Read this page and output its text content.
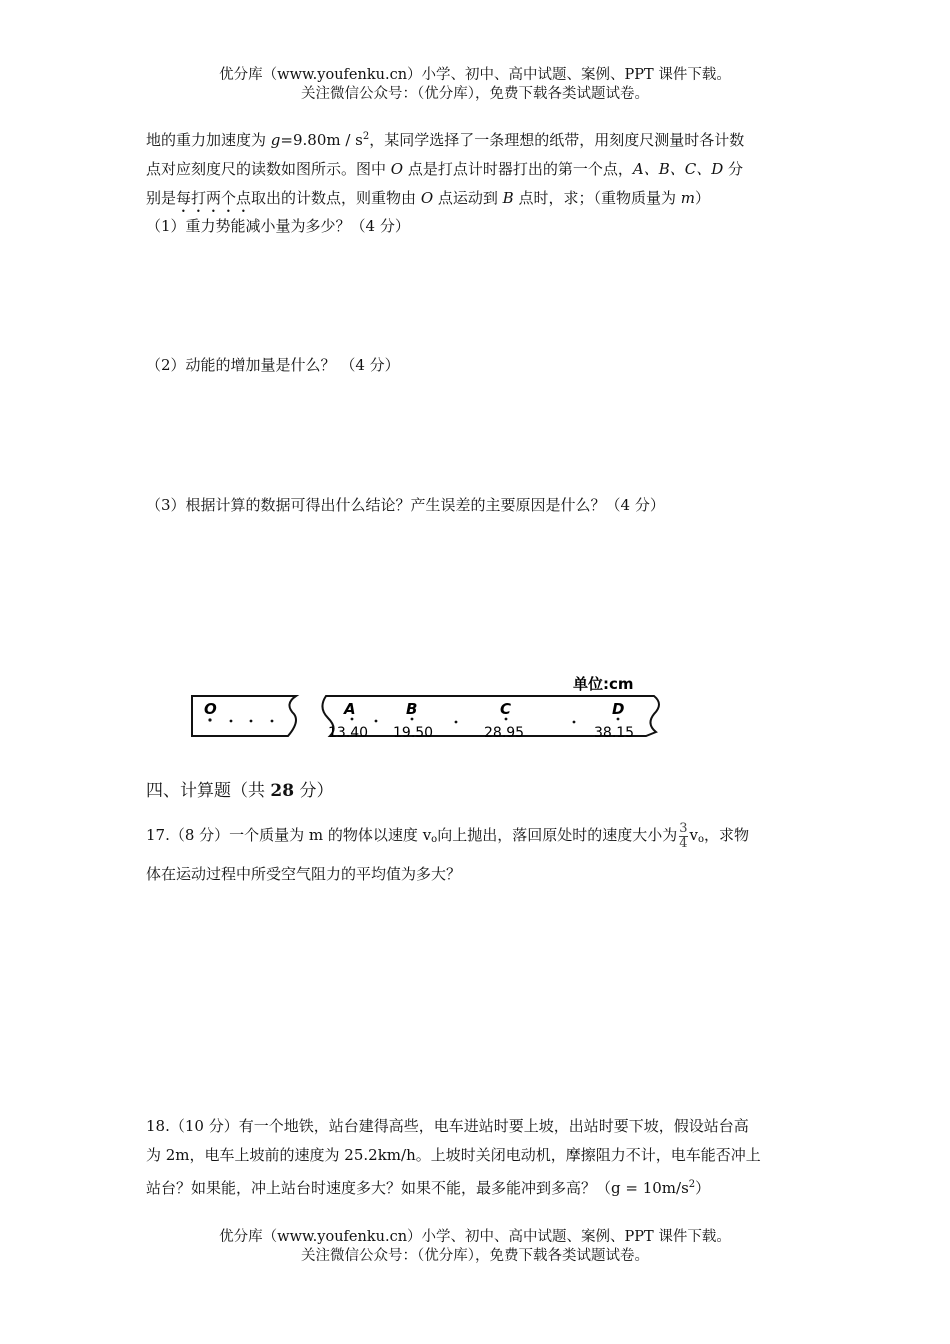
优分库（www.youfenku.cn）小学、初中、高中试题、案例、PPT 课件下载。
关注微信公众号：（优分库），免费下载各类试题试卷。
地的重力加速度为 $g=9.80m / s^2$，某同学选择了一条理想的纸带，用刻度尺测量时各计数
点对应刻度尺的读数如图所示。图中 O 点是打点计时器打出的第一个点，A、B、C、D 分
别是每打两个点取出的计数点，则重物由 O 点运动到 B 点时，求；（重物质量为 m）
（1）重力势能减小量为多少？（4 分）
（2）动能的增加量是什么？ （4 分）
（3）根据计算的数据可得出什么结论？产生误差的主要原因是什么？（4 分）
单位:cm
O	A	B	C	D
13.40 19.50	28.95	38.15
四、计算题（共 28 分）
17.（8 分）一个质量为 m 的物体以速度 $v_o$向上抛出，落回原处时的速度大小为 $\frac{3}{4} v_o$，求物
体在运动过程中所受空气阻力的平均值为多大？
18.（10 分）有一个地铁，站台建得高些，电车进站时要上坡，出站时要下坡，假设站台高
为 2m，电车上坡前的速度为 25.2km/h。上坡时关闭电动机，摩擦阻力不计，电车能否冲上
站台？如果能，冲上站台时速度多大？如果不能，最多能冲到多高？$(g = 10m/s^2)$
优分库（www.youfenku.cn）小学、初中、高中试题、案例、PPT 课件下载。
关注微信公众号：（优分库），免费下载各类试题试卷。
